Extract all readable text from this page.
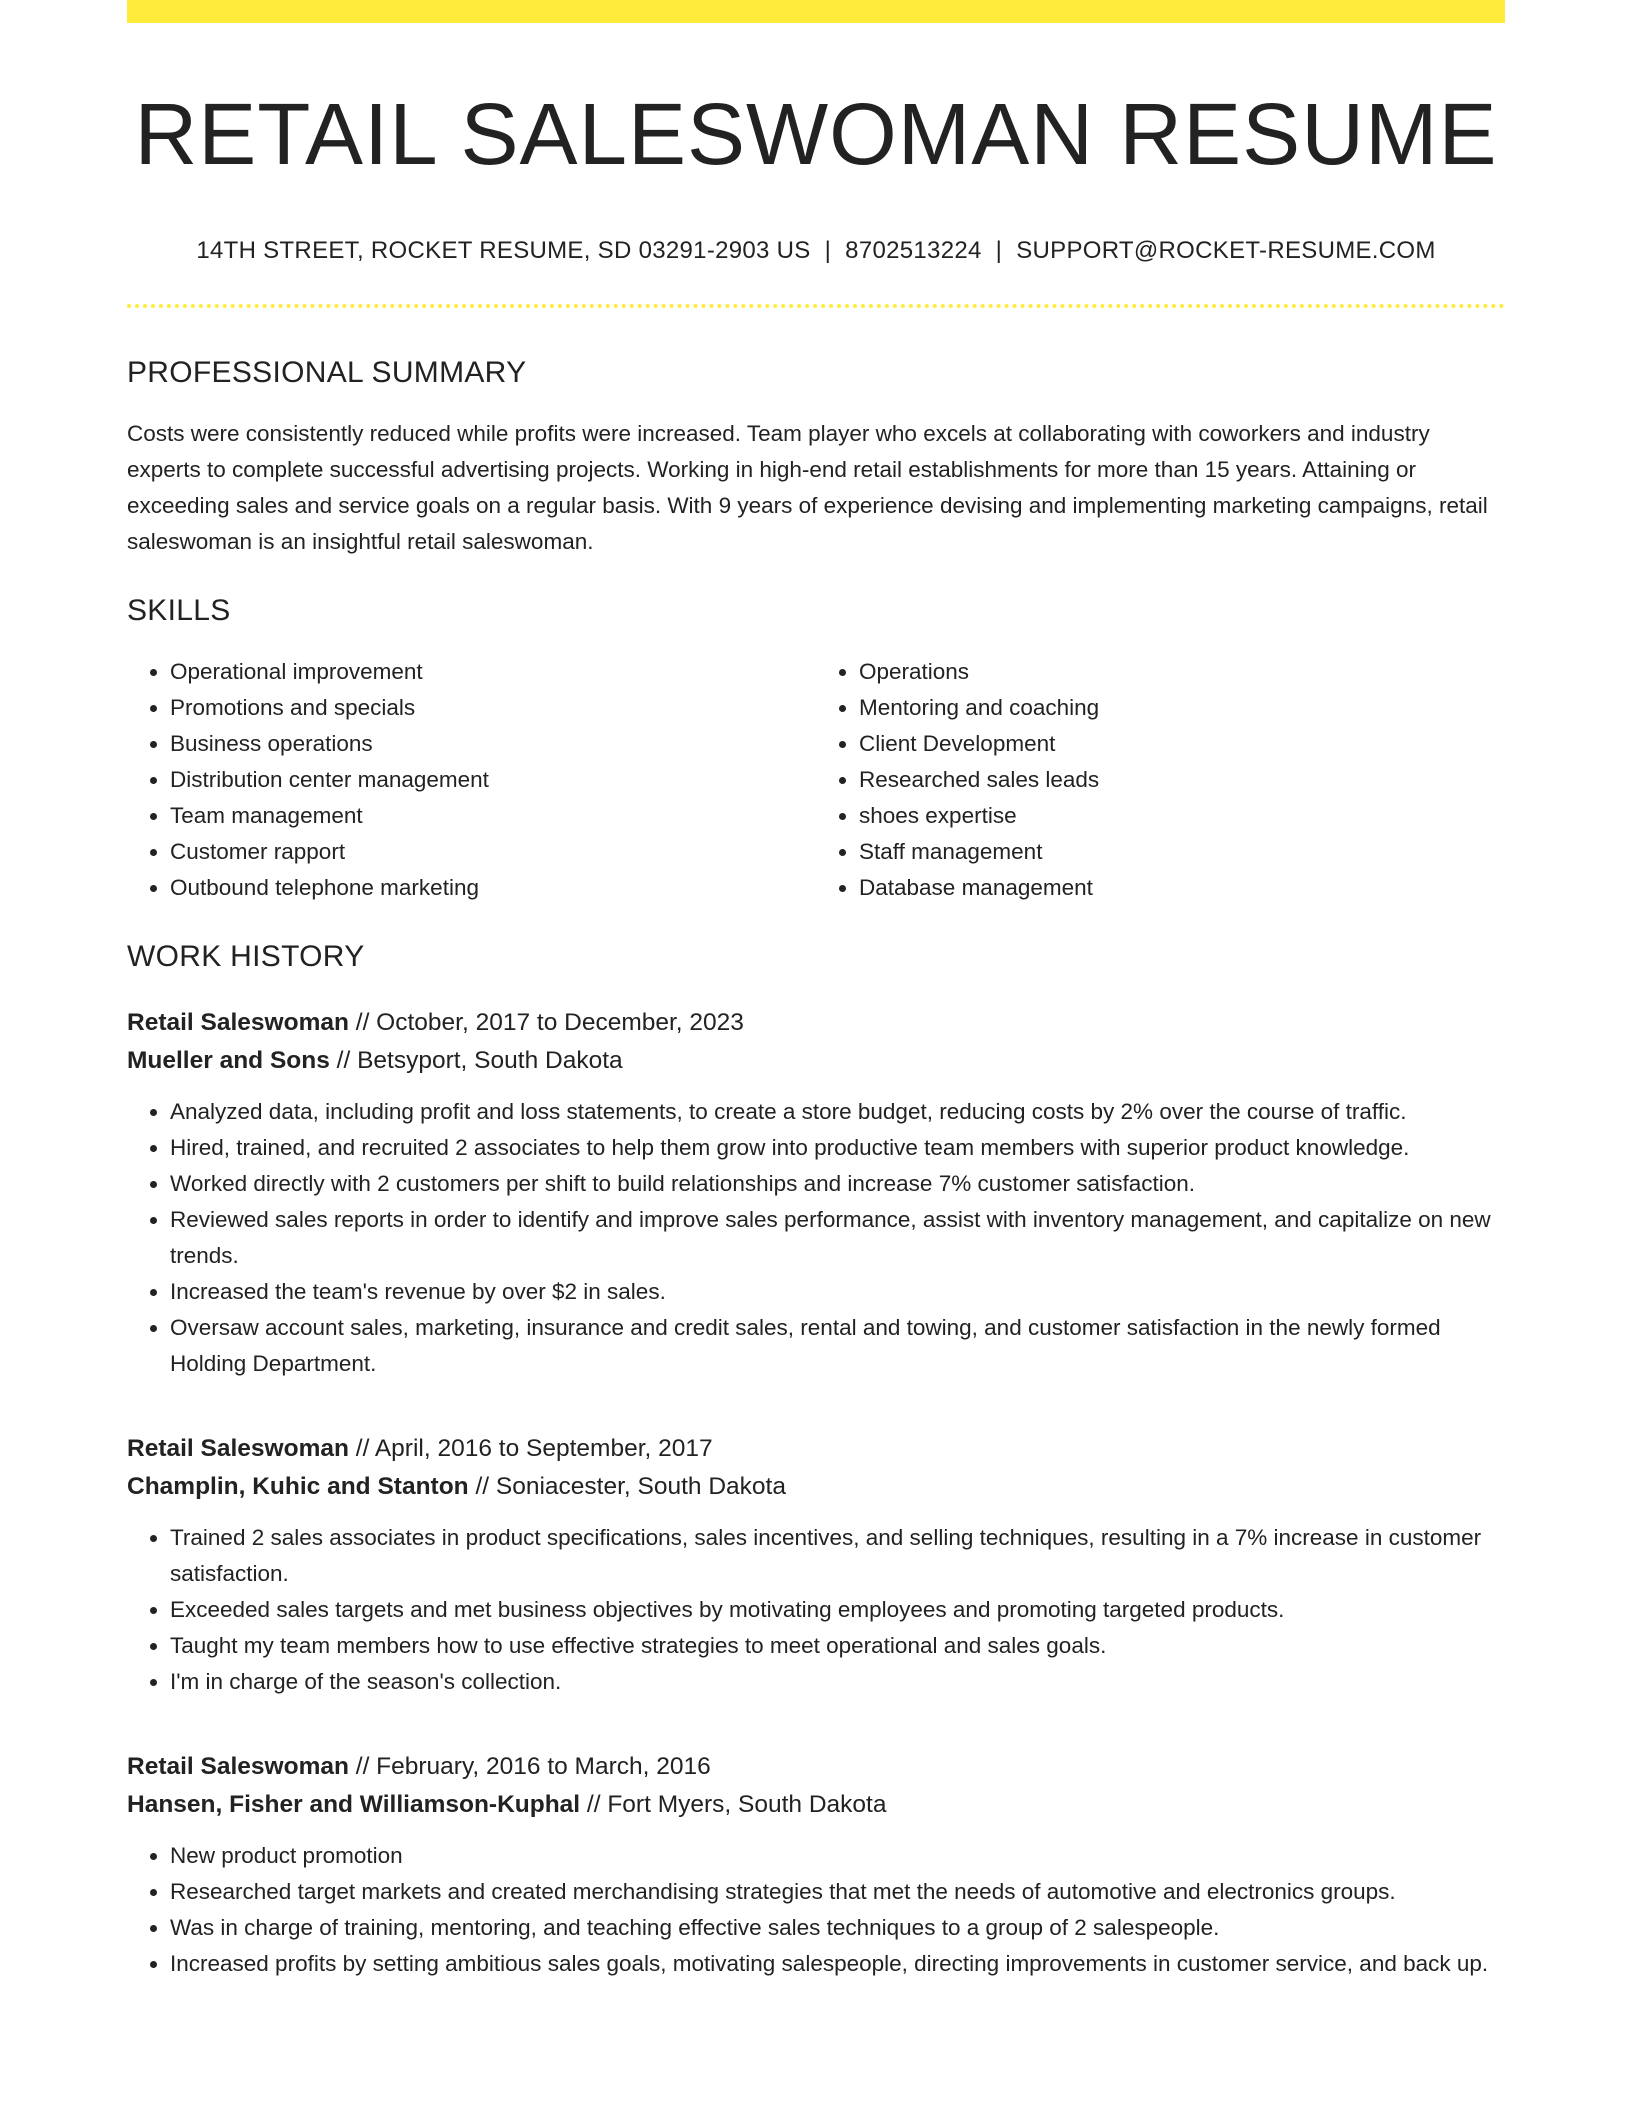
RETAIL SALESWOMAN RESUME
14TH STREET, ROCKET RESUME, SD 03291-2903 US | 8702513224 | SUPPORT@ROCKET-RESUME.COM
PROFESSIONAL SUMMARY

Costs were consistently reduced while profits were increased. Team player who excels at collaborating with coworkers and industry experts to complete successful advertising projects. Working in high-end retail establishments for more than 15 years. Attaining or exceeding sales and service goals on a regular basis. With 9 years of experience devising and implementing marketing campaigns, retail saleswoman is an insightful retail saleswoman.

SKILLS
• Operational improvement
• Promotions and specials
• Business operations
• Distribution center management
• Team management
• Customer rapport
• Outbound telephone marketing
• Operations
• Mentoring and coaching
• Client Development
• Researched sales leads
• shoes expertise
• Staff management
• Database management
WORK HISTORY
Retail Saleswoman // October, 2017 to December, 2023
Mueller and Sons // Betsyport, South Dakota
• Analyzed data, including profit and loss statements, to create a store budget, reducing costs by 2% over the course of traffic.
• Hired, trained, and recruited 2 associates to help them grow into productive team members with superior product knowledge.
• Worked directly with 2 customers per shift to build relationships and increase 7% customer satisfaction.
• Reviewed sales reports in order to identify and improve sales performance, assist with inventory management, and capitalize on new trends.
• Increased the team's revenue by over $2 in sales.
• Oversaw account sales, marketing, insurance and credit sales, rental and towing, and customer satisfaction in the newly formed Holding Department.
Retail Saleswoman // April, 2016 to September, 2017
Champlin, Kuhic and Stanton // Soniacester, South Dakota
• Trained 2 sales associates in product specifications, sales incentives, and selling techniques, resulting in a 7% increase in customer satisfaction.
• Exceeded sales targets and met business objectives by motivating employees and promoting targeted products.
• Taught my team members how to use effective strategies to meet operational and sales goals.
• I'm in charge of the season's collection.
Retail Saleswoman // February, 2016 to March, 2016
Hansen, Fisher and Williamson-Kuphal // Fort Myers, South Dakota
• New product promotion
• Researched target markets and created merchandising strategies that met the needs of automotive and electronics groups.
• Was in charge of training, mentoring, and teaching effective sales techniques to a group of 2 salespeople.
• Increased profits by setting ambitious sales goals, motivating salespeople, directing improvements in customer service, and back up.
